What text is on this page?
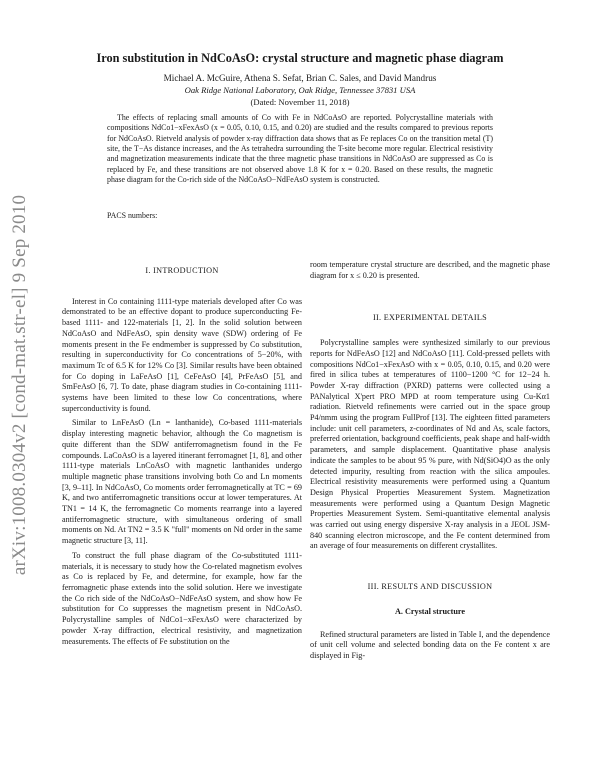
arXiv:1008.0304v2 [cond-mat.str-el] 9 Sep 2010
Iron substitution in NdCoAsO: crystal structure and magnetic phase diagram
Michael A. McGuire, Athena S. Sefat, Brian C. Sales, and David Mandrus
Oak Ridge National Laboratory, Oak Ridge, Tennessee 37831 USA
(Dated: November 11, 2018)

The effects of replacing small amounts of Co with Fe in NdCoAsO are reported. Polycrystalline materials with compositions NdCo1−xFexAsO (x = 0.05, 0.10, 0.15, and 0.20) are studied and the results compared to previous reports for NdCoAsO. Rietveld analysis of powder x-ray diffraction data shows that as Fe replaces Co on the transition metal (T) site, the T−As distance increases, and the As tetrahedra surrounding the T-site become more regular. Electrical resistivity and magnetization measurements indicate that the three magnetic phase transitions in NdCoAsO are suppressed as Co is replaced by Fe, and these transitions are not observed above 1.8 K for x = 0.20. Based on these results, the magnetic phase diagram for the Co-rich side of the NdCoAsO−NdFeAsO system is constructed.

PACS numbers:

I. INTRODUCTION

Interest in Co containing 1111-type materials developed after Co was demonstrated to be an effective dopant to produce superconducting Fe-based 1111- and 122-materials [1, 2]. In the solid solution between NdCoAsO and NdFeAsO, spin density wave (SDW) ordering of Fe moments present in the Fe endmember is suppressed by Co substitution, resulting in superconductivity for Co concentrations of 5−20%, with maximum Tc of 6.5 K for 12% Co [3]. Similar results have been obtained for Co doping in LaFeAsO [1], CeFeAsO [4], PrFeAsO [5], and SmFeAsO [6, 7]. To date, phase diagram studies in Co-containing 1111-systems have been limited to these low Co concentrations, where superconductivity is found.

Similar to LnFeAsO (Ln = lanthanide), Co-based 1111-materials display interesting magnetic behavior, although the Co magnetism is quite different than the SDW antiferromagnetism found in the Fe compounds. LaCoAsO is a layered itinerant ferromagnet [1, 8], and other 1111-type materials LnCoAsO with magnetic lanthanides undergo multiple magnetic phase transitions involving both Co and Ln moments [3, 9–11]. In NdCoAsO, Co moments order ferromagnetically at TC = 69 K, and two antiferromagnetic transitions occur at lower temperatures. At TN1 = 14 K, the ferromagnetic Co moments rearrange into a layered antiferromagnetic structure, with simultaneous ordering of small moments on Nd. At TN2 = 3.5 K "full" moments on Nd order in the same magnetic structure [3, 11].

To construct the full phase diagram of the Co-substituted 1111-materials, it is necessary to study how the Co-related magnetism evolves as Co is replaced by Fe, and determine, for example, how far the ferromagnetic phase extends into the solid solution. Here we investigate the Co rich side of the NdCoAsO−NdFeAsO system, and show how Fe substitution for Co suppresses the magnetism present in NdCoAsO. Polycrystalline samples of NdCo1−xFexAsO were characterized by powder X-ray diffraction, electrical resistivity, and magnetization measurements. The effects of Fe substitution on the

room temperature crystal structure are described, and the magnetic phase diagram for x ≤ 0.20 is presented.

II. EXPERIMENTAL DETAILS

Polycrystalline samples were synthesized similarly to our previous reports for NdFeAsO [12] and NdCoAsO [11]. Cold-pressed pellets with compositions NdCo1−xFexAsO with x = 0.05, 0.10, 0.15, and 0.20 were fired in silica tubes at temperatures of 1100−1200 °C for 12−24 h. Powder X-ray diffraction (PXRD) patterns were collected using a PANalytical X'pert PRO MPD at room temperature using Cu-Kα1 radiation. Rietveld refinements were carried out in the space group P4/nmm using the program FullProf [13]. The eighteen fitted parameters include: unit cell parameters, z-coordinates of Nd and As, scale factors, preferred orientation, background coefficients, peak shape and half-width parameters, and sample displacement. Quantitative phase analysis indicate the samples to be about 95 % pure, with Nd(SiO4)O as the only detected impurity, resulting from reaction with the silica ampoules. Electrical resistivity measurements were performed using a Quantum Design Physical Properties Measurement System. Magnetization measurements were performed using a Quantum Design Magnetic Properties Measurement System. Semi-quantitative elemental analysis was carried out using energy dispersive X-ray analysis in a JEOL JSM-840 scanning electron microscope, and the Fe content determined from an average of four measurements on different crystallites.

III. RESULTS AND DISCUSSION

A. Crystal structure

Refined structural parameters are listed in Table I, and the dependence of unit cell volume and selected bonding data on the Fe content x are displayed in Fig-
